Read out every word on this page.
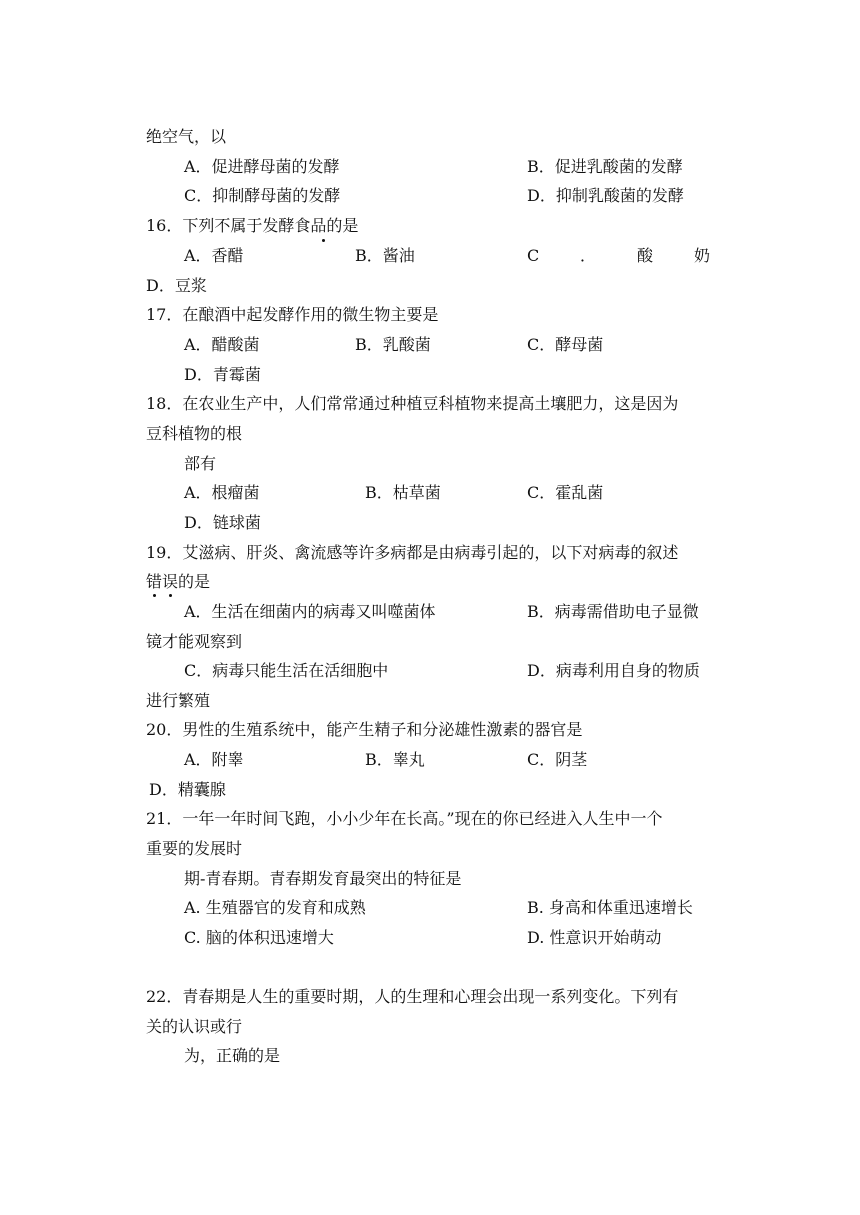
绝空气，以
A．促进酵母菌的发酵	B．促进乳酸菌的发酵
C．抑制酵母菌的发酵	D．抑制乳酸菌的发酵
16．下列不属于发酵食品的是
A．香醋	B．酱油	C	．	酸	奶
D．豆浆
17．在酿酒中起发酵作用的微生物主要是
A．醋酸菌	B．乳酸菌	C．酵母菌
D．青霉菌
18．在农业生产中，人们常常通过种植豆科植物来提高土壤肥力，这是因为
豆科植物的根
部有
A．根瘤菌	B．枯草菌	C．霍乱菌
D．链球菌
19．艾滋病、肝炎、禽流感等许多病都是由病毒引起的，以下对病毒的叙述
错误的是
A．生活在细菌内的病毒又叫噬菌体	B．病毒需借助电子显微
镜才能观察到
C．病毒只能生活在活细胞中	D．病毒利用自身的物质
进行繁殖
20．男性的生殖系统中，能产生精子和分泌雄性激素的器官是
A．附睾	B．睾丸	C．阴茎
D．精囊腺
21．一年一年时间飞跑，小小少年在长高。”现在的你已经进入人生中一个
重要的发展时
期-青春期。青春期发育最突出的特征是
A. 生殖器官的发育和成熟	B. 身高和体重迅速增长
C. 脑的体积迅速增大	D. 性意识开始萌动
22．青春期是人生的重要时期，人的生理和心理会出现一系列变化。下列有
关的认识或行
为，正确的是
